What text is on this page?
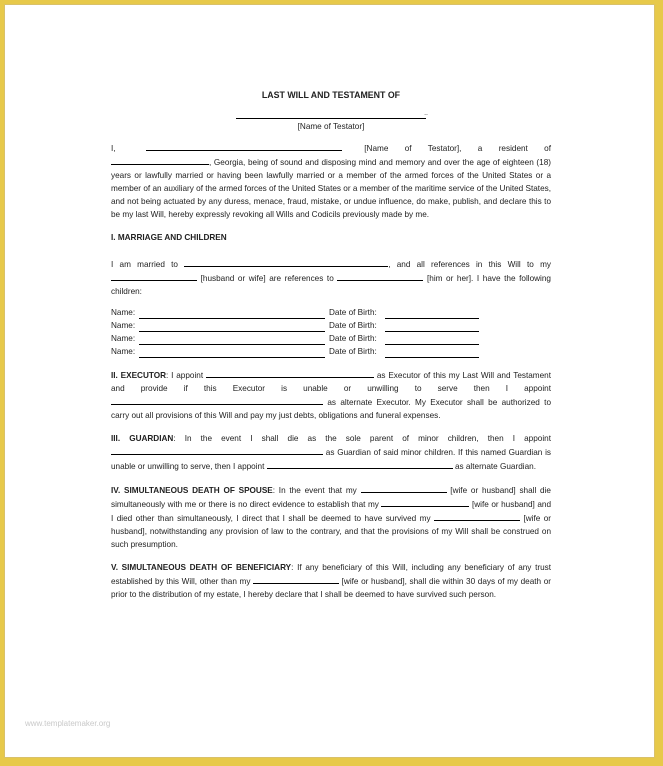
LAST WILL AND TESTAMENT OF
..
[Name of Testator]

I,	[Name of Testator], a resident of , Georgia, being of sound and disposing mind and memory and over the age of eighteen (18) years or lawfully married or having been lawfully married or a member of the armed forces of the United States or a member of an auxiliary of the armed forces of the United States or a member of the maritime service of the United States, and not being actuated by any duress, menace, fraud, mistake, or undue influence, do make, publish, and declare this to be my last Will, hereby expressly revoking all Wills and Codicils previously made by me.

I. MARRIAGE AND CHILDREN

I am married to	, and all references in this Will to my  [husband or wife] are references to	[him or her]. I have the following children:

Name:	Date of Birth:
Name:	Date of Birth:
Name:	Date of Birth:
Name:	Date of Birth:

II. EXECUTOR: I appoint	as Executor of this my Last Will and Testament and provide if this Executor is unable or unwilling to serve then I appoint  as alternate Executor. My Executor shall be authorized to carry out all provisions of this Will and pay my just debts, obligations and funeral expenses.

III. GUARDIAN: In the event I shall die as the sole parent of minor children, then I appoint  as Guardian of said minor children. If this named Guardian is unable or unwilling to serve, then I appoint	as alternate Guardian.

IV. SIMULTANEOUS DEATH OF SPOUSE: In the event that my	[wife or husband] shall die simultaneously with me or there is no direct evidence to establish that my	[wife or husband] and I died other than simultaneously, I direct that I shall be deemed to have survived my	[wife or husband], notwithstanding any provision of law to the contrary, and that the provisions of my Will shall be construed on such presumption.

V. SIMULTANEOUS DEATH OF BENEFICIARY: If any beneficiary of this Will, including any beneficiary of any trust established by this Will, other than my	[wife or husband], shall die within 30 days of my death or prior to the distribution of my estate, I hereby declare that I shall be deemed to have survived such person.

www.templatemaker.org
